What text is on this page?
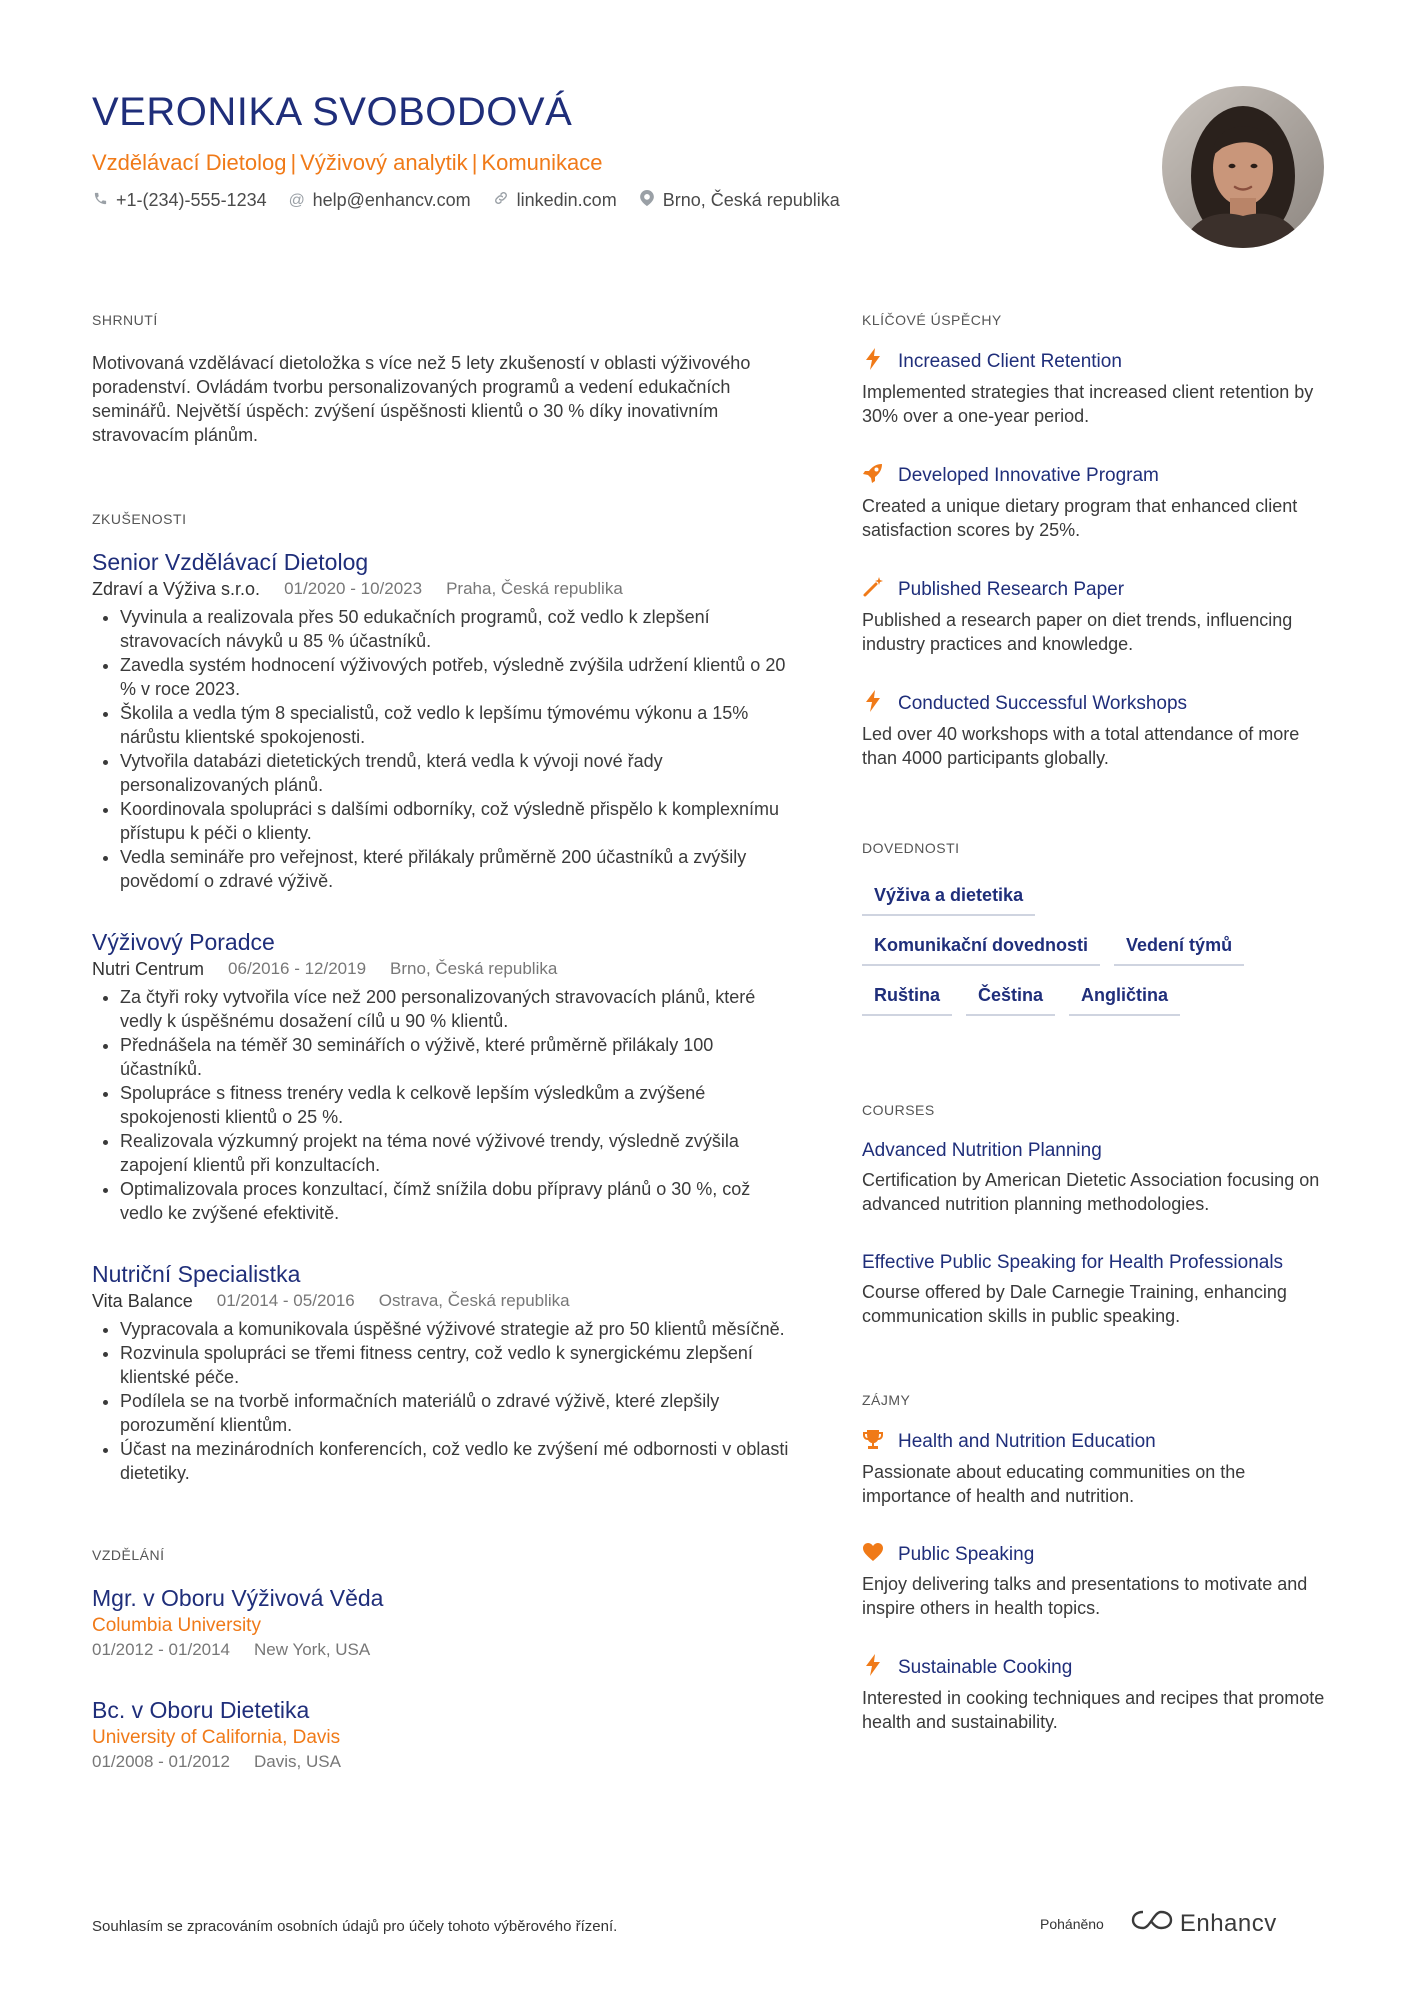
VERONIKA SVOBODOVÁ
Vzdělávací Dietolog | Výživový analytik | Komunikace
+1-(234)-555-1234 @ help@enhancv.com	linkedin.com	Brno, Česká republika
SHRNUTÍ
Motivovaná vzdělávací dietoložka s více než 5 lety zkušeností v oblasti výživového poradenství. Ovládám tvorbu personalizovaných programů a vedení edukačních seminářů. Největší úspěch: zvýšení úspěšnosti klientů o 30 % díky inovativním stravovacím plánům.
ZKUŠENOSTI
Senior Vzdělávací Dietolog
Zdraví a Výživa s.r.o. 01/2020 - 10/2023 Praha, Česká republika
• Vyvinula a realizovala přes 50 edukačních programů, což vedlo k zlepšení stravovacích návyků u 85 % účastníků.
• Zavedla systém hodnocení výživových potřeb, výsledně zvýšila udržení klientů o 20 % v roce 2023.
• Školila a vedla tým 8 specialistů, což vedlo k lepšímu týmovému výkonu a 15% nárůstu klientské spokojenosti.
• Vytvořila databázi dietetických trendů, která vedla k vývoji nové řady personalizovaných plánů.
• Koordinovala spolupráci s dalšími odborníky, což výsledně přispělo k komplexnímu přístupu k péči o klienty.
• Vedla semináře pro veřejnost, které přilákaly průměrně 200 účastníků a zvýšily povědomí o zdravé výživě.
Výživový Poradce
Nutri Centrum 06/2016 - 12/2019 Brno, Česká republika
• Za čtyři roky vytvořila více než 200 personalizovaných stravovacích plánů, které vedly k úspěšnému dosažení cílů u 90 % klientů.
• Přednášela na téměř 30 seminářích o výživě, které průměrně přilákaly 100 účastníků.
• Spolupráce s fitness trenéry vedla k celkově lepším výsledkům a zvýšené spokojenosti klientů o 25 %.
• Realizovala výzkumný projekt na téma nové výživové trendy, výsledně zvýšila zapojení klientů při konzultacích.
• Optimalizovala proces konzultací, čímž snížila dobu přípravy plánů o 30 %, což vedlo ke zvýšené efektivitě.
Nutriční Specialistka
Vita Balance 01/2014 - 05/2016 Ostrava, Česká republika
• Vypracovala a komunikovala úspěšné výživové strategie až pro 50 klientů měsíčně.
• Rozvinula spolupráci se třemi fitness centry, což vedlo k synergickému zlepšení klientské péče.
• Podílela se na tvorbě informačních materiálů o zdravé výživě, které zlepšily porozumění klientům.
• Účast na mezinárodních konferencích, což vedlo ke zvýšení mé odbornosti v oblasti dietetiky.
VZDĚLÁNÍ
Mgr. v Oboru Výživová Věda
Columbia University
01/2012 - 01/2014 New York, USA
Bc. v Oboru Dietetika
University of California, Davis
01/2008 - 01/2012 Davis, USA
KLÍČOVÉ ÚSPĚCHY
Increased Client Retention
Implemented strategies that increased client retention by 30% over a one-year period.
Developed Innovative Program
Created a unique dietary program that enhanced client satisfaction scores by 25%.
Published Research Paper
Published a research paper on diet trends, influencing industry practices and knowledge.
Conducted Successful Workshops
Led over 40 workshops with a total attendance of more than 4000 participants globally.
DOVEDNOSTI
Výživa a dietetika
Komunikační dovednosti	Vedení týmů
Ruština	Čeština	Angličtina
COURSES
Advanced Nutrition Planning
Certification by American Dietetic Association focusing on advanced nutrition planning methodologies.
Effective Public Speaking for Health Professionals
Course offered by Dale Carnegie Training, enhancing communication skills in public speaking.
ZÁJMY
Health and Nutrition Education
Passionate about educating communities on the importance of health and nutrition.
Public Speaking
Enjoy delivering talks and presentations to motivate and inspire others in health topics.
Sustainable Cooking
Interested in cooking techniques and recipes that promote health and sustainability.
Souhlasím se zpracováním osobních údajů pro účely tohoto výběrového řízení.	Poháněno	Enhancv
